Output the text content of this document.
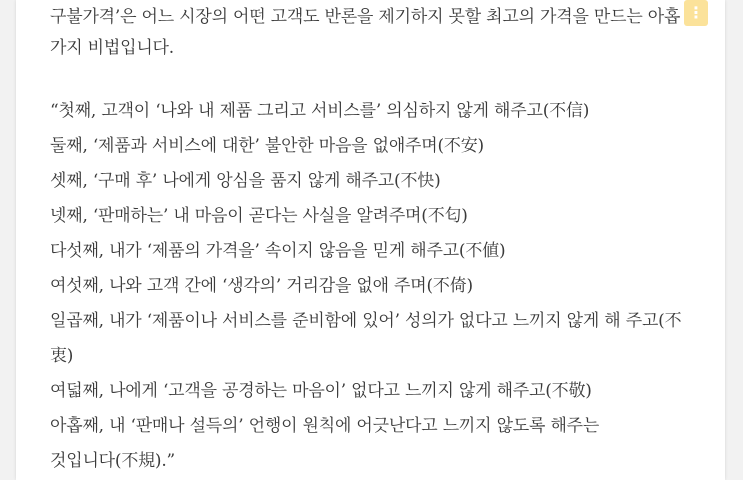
구불가격’은 어느 시장의 어떤 고객도 반론을 제기하지 못할 최고의 가격을 만드는 아홉
가지 비법입니다.
“첫째, 고객이 ‘나와 내 제품 그리고 서비스를’ 의심하지 않게 해주고(不信)
둘째, ‘제품과 서비스에 대한’ 불안한 마음을 없애주며(不安)
셋째, ‘구매 후’ 나에게 앙심을 품지 않게 해주고(不快)
넷째, ‘판매하는’ 내 마음이 곧다는 사실을 알려주며(不匂)
다섯째, 내가 ‘제품의 가격을’ 속이지 않음을 믿게 해주고(不値)
여섯째, 나와 고객 간에 ‘생각의’ 거리감을 없애 주며(不倚)
일곱째, 내가 ‘제품이나 서비스를 준비함에 있어’ 성의가 없다고 느끼지 않게 해 주고(不
衷)
여덟째, 나에게 ‘고객을 공경하는 마음이’ 없다고 느끼지 않게 해주고(不敬)
아홉째, 내 ‘판매나 설득의’ 언행이 원칙에 어긋난다고 느끼지 않도록 해주는
것입니다(不規).”
⋮
